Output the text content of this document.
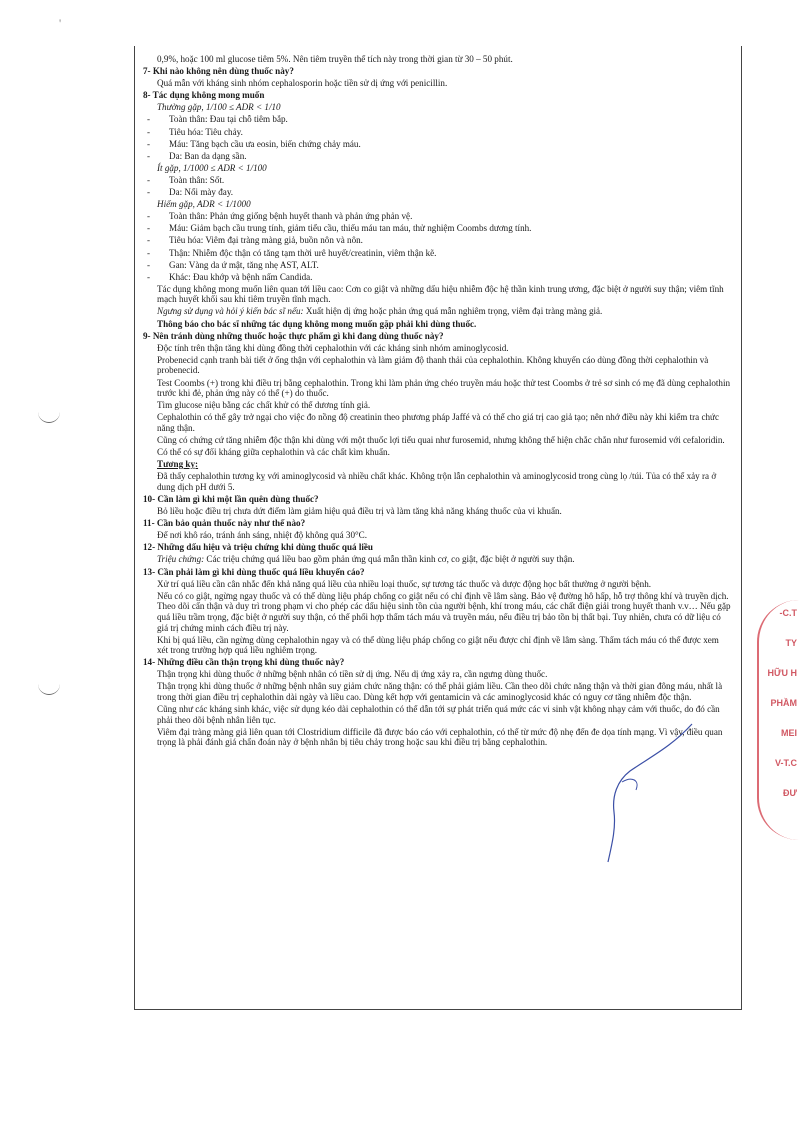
'

0,9%, hoặc 100 ml glucose tiêm 5%. Nên tiêm truyền thể tích này trong thời gian từ 30 – 50 phút.

7- Khi nào không nên dùng thuốc này?

Quá mẫn với kháng sinh nhóm cephalosporin hoặc tiền sử dị ứng với penicillin.

8- Tác dụng không mong muốn

Thường gặp, 1/100 ≤ ADR < 1/10

- Toàn thân: Đau tại chỗ tiêm bắp.

- Tiêu hóa: Tiêu chảy.

- Máu: Tăng bạch cầu ưa eosin, biến chứng chảy máu.

- Da: Ban da dạng sần.

Ít gặp, 1/1000 ≤ ADR < 1/100

- Toàn thân: Sốt.

- Da: Nổi mày đay.

Hiếm gặp, ADR < 1/1000

- Toàn thân: Phản ứng giống bệnh huyết thanh và phản ứng phản vệ.

- Máu: Giảm bạch cầu trung tính, giảm tiểu cầu, thiếu máu tan máu, thử nghiệm Coombs dương tính.

- Tiêu hóa: Viêm đại tràng màng giả, buồn nôn và nôn.

- Thận: Nhiễm độc thận có tăng tạm thời urê huyết/creatinin, viêm thận kẽ.

- Gan: Vàng da ứ mật, tăng nhẹ AST, ALT.

- Khác: Đau khớp và bệnh nấm Candida.

Tác dụng không mong muốn liên quan tới liều cao: Cơn co giật và những dấu hiệu nhiễm độc hệ thần kinh trung ương, đặc biệt ở người suy thận; viêm tĩnh mạch huyết khối sau khi tiêm truyền tĩnh mạch.

Ngưng sử dụng và hỏi ý kiến bác sĩ nếu: Xuất hiện dị ứng hoặc phản ứng quá mẫn nghiêm trọng, viêm đại tràng màng giả.

Thông báo cho bác sĩ những tác dụng không mong muốn gặp phải khi dùng thuốc.

9- Nên tránh dùng những thuốc hoặc thực phẩm gì khi đang dùng thuốc này?

Độc tính trên thận tăng khi dùng đồng thời cephalothin với các kháng sinh nhóm aminoglycosid.

Probenecid cạnh tranh bài tiết ở ống thận với cephalothin và làm giảm độ thanh thải của cephalothin. Không khuyến cáo dùng đồng thời cephalothin và probenecid.

Test Coombs (+) trong khi điều trị bằng cephalothin. Trong khi làm phản ứng chéo truyền máu hoặc thử test Coombs ở trẻ sơ sinh có mẹ đã dùng cephalothin trước khi đẻ, phản ứng này có thể (+) do thuốc.

Tìm glucose niệu bằng các chất khử có thể dương tính giả.

Cephalothin có thể gây trở ngại cho việc đo nồng độ creatinin theo phương pháp Jaffé và có thể cho giá trị cao giả tạo; nên nhớ điều này khi kiểm tra chức năng thận.

Cũng có chứng cứ tăng nhiễm độc thận khi dùng với một thuốc lợi tiểu quai như furosemid, nhưng không thể hiện chắc chắn như furosemid với cefaloridin.

Có thể có sự đối kháng giữa cephalothin và các chất kìm khuẩn.

Tương kỵ:

Đã thấy cephalothin tương kỵ với aminoglycosid và nhiều chất khác. Không trộn lẫn cephalothin và aminoglycosid trong cùng lọ /túi. Tủa có thể xảy ra ở dung dịch pH dưới 5.

10- Cần làm gì khi một lần quên dùng thuốc?

Bỏ liều hoặc điều trị chưa dứt điểm làm giảm hiệu quả điều trị và làm tăng khả năng kháng thuốc của vi khuẩn.

11- Cần bảo quản thuốc này như thế nào?

Để nơi khô ráo, tránh ánh sáng, nhiệt độ không quá 30°C.

12- Những dấu hiệu và triệu chứng khi dùng thuốc quá liều

Triệu chứng: Các triệu chứng quá liều bao gồm phản ứng quá mẫn thần kinh cơ, co giật, đặc biệt ở người suy thận.

13- Cần phải làm gì khi dùng thuốc quá liều khuyến cáo?

Xử trí quá liều cần cân nhắc đến khả năng quá liều của nhiều loại thuốc, sự tương tác thuốc và dược động học bất thường ở người bệnh.

Nếu có co giật, ngừng ngay thuốc và có thể dùng liệu pháp chống co giật nếu có chỉ định về lâm sàng. Bảo vệ đường hô hấp, hỗ trợ thông khí và truyền dịch. Theo dõi cẩn thận và duy trì trong phạm vi cho phép các dấu hiệu sinh tồn của người bệnh, khí trong máu, các chất điện giải trong huyết thanh v.v… Nếu gặp quá liều trầm trọng, đặc biệt ở người suy thận, có thể phối hợp thẩm tách máu và truyền máu, nếu điều trị bảo tồn bị thất bại. Tuy nhiên, chưa có dữ liệu có giá trị chứng minh cách điều trị này.

Khi bị quá liều, cần ngừng dùng cephalothin ngay và có thể dùng liệu pháp chống co giật nếu được chỉ định về lâm sàng. Thẩm tách máu có thể được xem xét trong trường hợp quá liều nghiêm trọng.

14- Những điều cần thận trọng khi dùng thuốc này?

Thận trọng khi dùng thuốc ở những bệnh nhân có tiền sử dị ứng. Nếu dị ứng xảy ra, cần ngưng dùng thuốc.

Thận trọng khi dùng thuốc ở những bệnh nhân suy giảm chức năng thận: có thể phải giảm liều. Cần theo dõi chức năng thận và thời gian đông máu, nhất là trong thời gian điều trị cephalothin dài ngày và liều cao. Dùng kết hợp với gentamicin và các aminoglycosid khác có nguy cơ tăng nhiễm độc thận.

Cũng như các kháng sinh khác, việc sử dụng kéo dài cephalothin có thể dẫn tới sự phát triển quá mức các vi sinh vật không nhạy cảm với thuốc, do đó cần phải theo dõi bệnh nhân liên tục.

Viêm đại tràng màng giả liên quan tới Clostridium difficile đã được báo cáo với cephalothin, có thể từ mức độ nhẹ đến đe dọa tính mạng. Vì vậy, điều quan trọng là phải đánh giá chẩn đoán này ở bệnh nhân bị tiêu chảy trong hoặc sau khi điều trị bằng cephalothin.

-C.T
TY
HỮU H
PHẦM
MEI
V-T.C
ĐƯ
